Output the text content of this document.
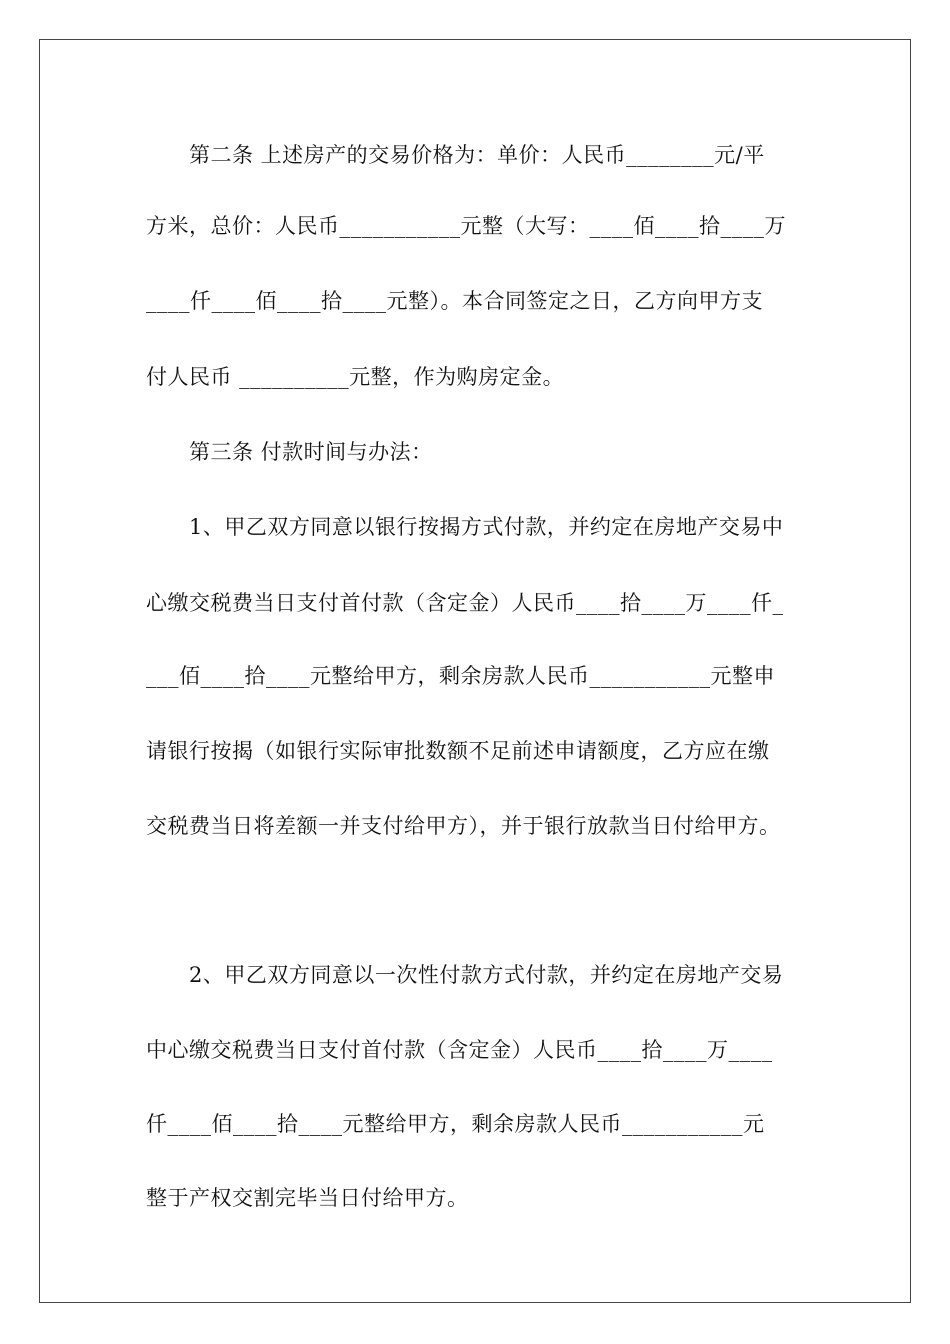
第二条 上述房产的交易价格为：单价：人民币________元/平
方米，总价：人民币___________元整（大写：____佰____拾____万
____仟____佰____拾____元整）。本合同签定之日，乙方向甲方支
付人民币 __________元整，作为购房定金。
第三条 付款时间与办法：
1、甲乙双方同意以银行按揭方式付款，并约定在房地产交易中
心缴交税费当日支付首付款（含定金）人民币____拾____万____仟_
___佰____拾____元整给甲方，剩余房款人民币___________元整申
请银行按揭（如银行实际审批数额不足前述申请额度，乙方应在缴
交税费当日将差额一并支付给甲方），并于银行放款当日付给甲方。
2、甲乙双方同意以一次性付款方式付款，并约定在房地产交易
中心缴交税费当日支付首付款（含定金）人民币____拾____万____
仟____佰____拾____元整给甲方，剩余房款人民币___________元
整于产权交割完毕当日付给甲方。
